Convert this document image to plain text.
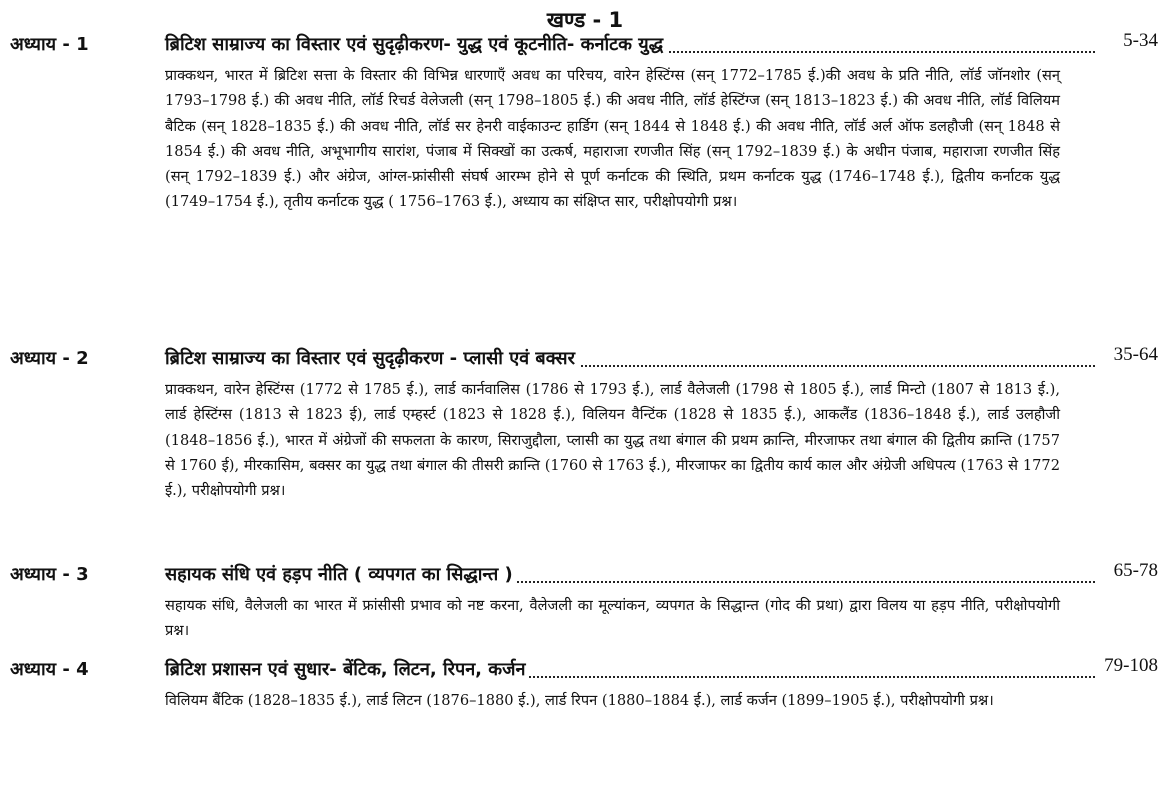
खण्ड - 1
अध्याय - 1	ब्रिटिश साम्राज्य का विस्तार एवं सुदृढ़ीकरण- युद्ध एवं कूटनीति- कर्नाटक युद्ध	5-34

प्राक्कथन, भारत में ब्रिटिश सत्ता के विस्तार की विभिन्न धारणाएँ अवध का परिचय, वारेन हेस्टिंग्स (सन् 1772–1785 ई.)की अवध के प्रति नीति, लॉर्ड जॉनशोर (सन् 1793–1798 ई.) की अवध नीति, लॉर्ड रिचर्ड वेलेजली (सन् 1798–1805 ई.) की अवध नीति, लॉर्ड हेस्टिंग्ज (सन् 1813–1823 ई.) की अवध नीति, लॉर्ड विलियम बैटिक (सन् 1828–1835 ई.) की अवध नीति, लॉर्ड सर हेनरी वाईकाउन्ट हार्डिग (सन् 1844 से 1848 ई.) की अवध नीति, लॉर्ड अर्ल ऑफ डलहौजी (सन् 1848 से 1854 ई.) की अवध नीति, अभूभागीय सारांश, पंजाब में सिक्खों का उत्कर्ष, महाराजा रणजीत सिंह (सन् 1792–1839 ई.) के अधीन पंजाब, महाराजा रणजीत सिंह (सन् 1792–1839 ई.) और अंग्रेज, आंग्ल-फ्रांसीसी संघर्ष आरम्भ होने से पूर्ण कर्नाटक की स्थिति, प्रथम कर्नाटक युद्ध (1746–1748 ई.), द्वितीय कर्नाटक युद्ध (1749–1754 ई.), तृतीय कर्नाटक युद्ध ( 1756–1763 ई.), अध्याय का संक्षिप्त सार, परीक्षोपयोगी प्रश्न।

अध्याय - 2	ब्रिटिश साम्राज्य का विस्तार एवं सुदृढ़ीकरण - प्लासी एवं बक्सर	35-64

प्राक्कथन, वारेन हेस्टिंग्स (1772 से 1785 ई.), लार्ड कार्नवालिस (1786 से 1793 ई.), लार्ड वैलेजली (1798 से 1805 ई.), लार्ड मिन्टो (1807 से 1813 ई.), लार्ड हेस्टिंग्स (1813 से 1823 ई), लार्ड एम्हर्स्ट (1823 से 1828 ई.), विलियन वैन्टिंक (1828 से 1835 ई.), आकलैंड (1836–1848 ई.), लार्ड उलहौजी (1848–1856 ई.), भारत में अंग्रेजों की सफलता के कारण, सिराजुद्दौला, प्लासी का युद्ध तथा बंगाल की प्रथम क्रान्ति, मीरजाफर तथा बंगाल की द्वितीय क्रान्ति (1757 से 1760 ई), मीरकासिम, बक्सर का युद्ध तथा बंगाल की तीसरी क्रान्ति (1760 से 1763 ई.), मीरजाफर का द्वितीय कार्य काल और अंग्रेजी अधिपत्य (1763 से 1772 ई.), परीक्षोपयोगी प्रश्न।

अध्याय - 3	सहायक संधि एवं हड़प नीति ( व्यपगत का सिद्धान्त )	65-78

सहायक संधि, वैलेजली का भारत में फ्रांसीसी प्रभाव को नष्ट करना, वैलेजली का मूल्यांकन, व्यपगत के सिद्धान्त (गोद की प्रथा) द्वारा विलय या हड़प नीति, परीक्षोपयोगी प्रश्न।

अध्याय - 4	ब्रिटिश प्रशासन एवं सुधार- बेंटिक, लिटन, रिपन, कर्जन	79-108

विलियम बैंटिक (1828–1835 ई.), लार्ड लिटन (1876–1880 ई.), लार्ड रिपन (1880–1884 ई.), लार्ड कर्जन (1899–1905 ई.), परीक्षोपयोगी प्रश्न।
